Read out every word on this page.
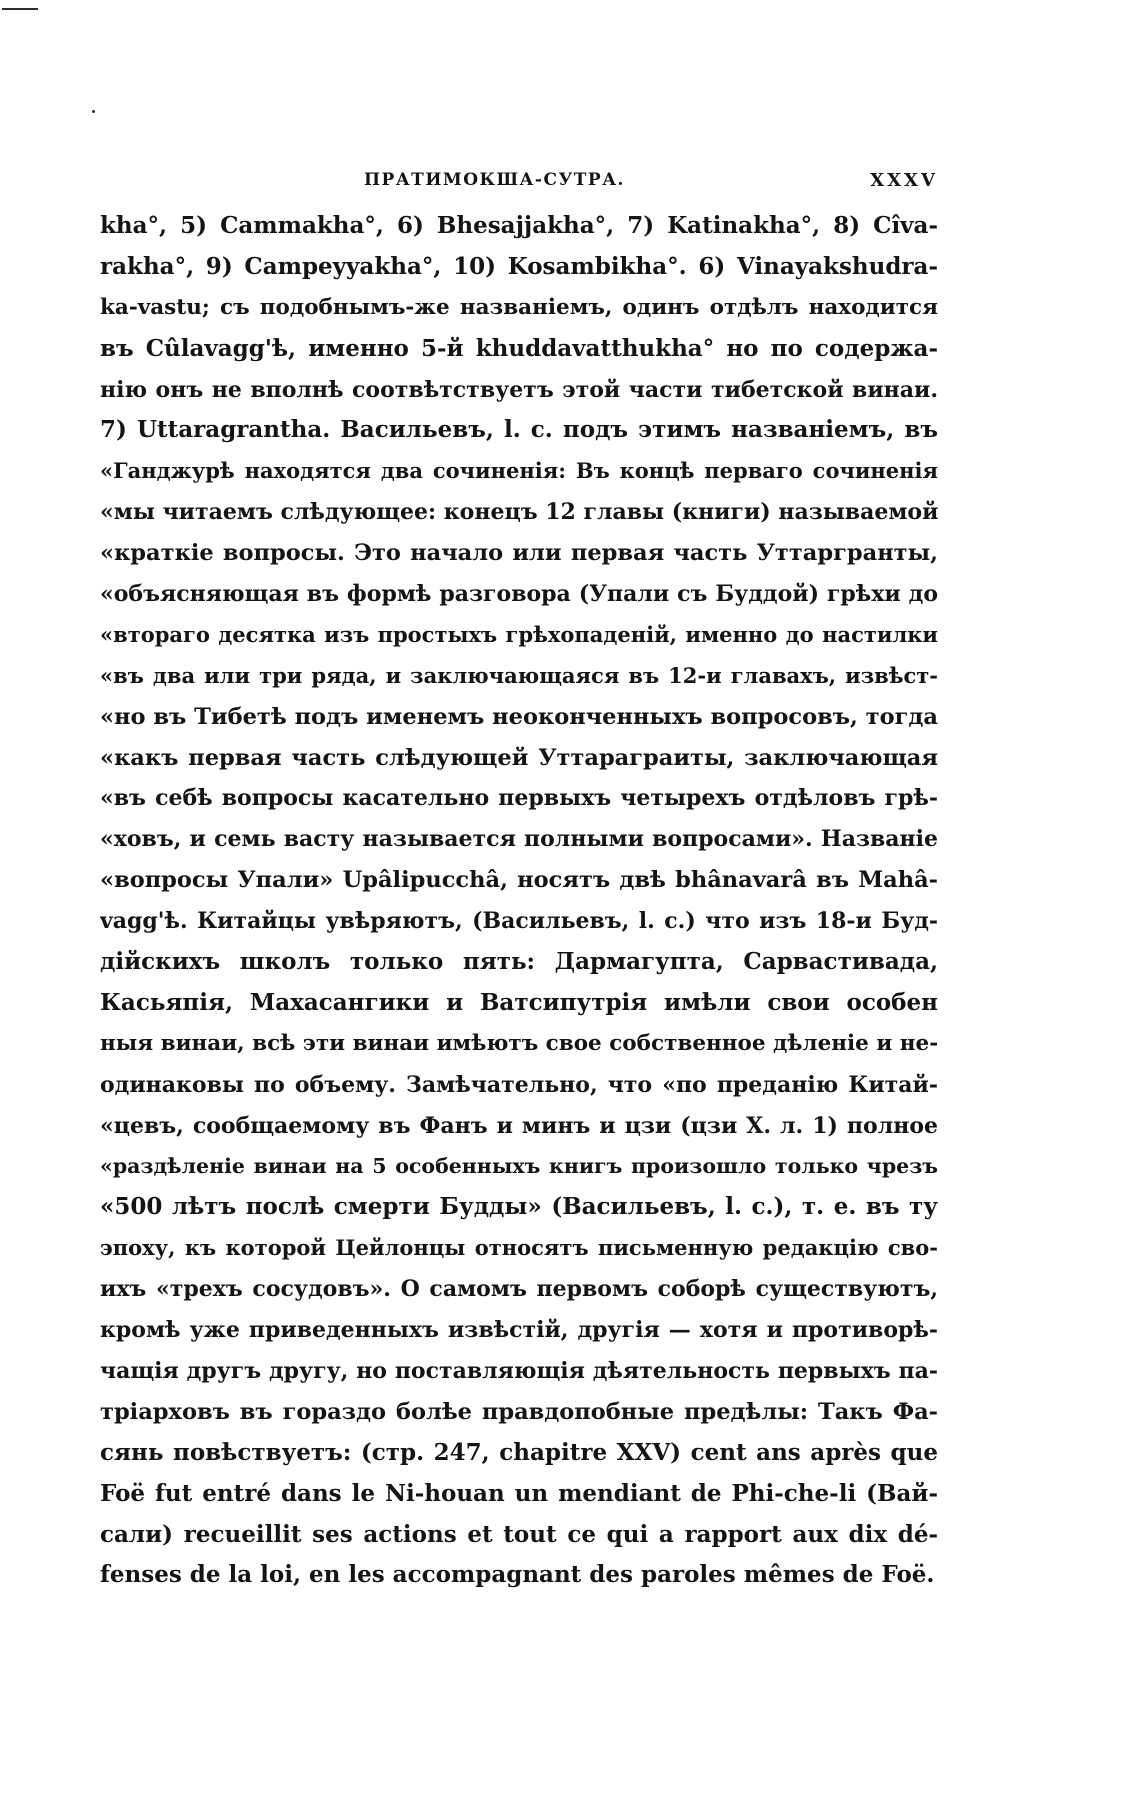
ПРАТИМОКША-СУТРА.	XXXV
kha°, 5) Cammakha°, 6) Bhesajjakha°, 7) Katinakha°, 8) Cîva-
rakha°, 9) Campeyyakha°, 10) Kosambikha°. 6) Vinayakshudra-
ka-vastu; съ подобнымъ-же названіемъ, одинъ отдѣлъ находится
въ Cûlavagg'ѣ, именно 5-й khuddavatthukha° но по содержа-
нію онъ не вполнѣ соотвѣтствуетъ этой части тибетской винаи.
7) Uttaragrantha. Васильевъ, l. c. подъ этимъ названіемъ, въ
«Ганджурѣ находятся два сочиненія: Въ концѣ перваго сочиненія
«мы читаемъ слѣдующее: конецъ 12 главы (книги) называемой
«краткіе вопросы. Это начало или первая часть Уттаргранты,
«объясняющая въ формѣ разговора (Упали съ Буддой) грѣхи до
«втораго десятка изъ простыхъ грѣхопаденій, именно до настилки
«въ два или три ряда, и заключающаяся въ 12-и главахъ, извѣст-
«но въ Тибетѣ подъ именемъ неоконченныхъ вопросовъ, тогда
«какъ первая часть слѣдующей Уттараграиты, заключающая
«въ себѣ вопросы касательно первыхъ четырехъ отдѣловъ грѣ-
«ховъ, и семь васту называется полными вопросами». Названіе
«вопросы Упали» Upâlipucchâ, носятъ двѣ bhânavarâ въ Mahâ-
vagg'ѣ. Китайцы увѣряютъ, (Васильевъ, l. c.) что изъ 18-и Буд-
дійскихъ школъ только пять: Дармагупта, Сарвастивада,
Касьяпія, Махасангики и Ватсипутрія имѣли свои особен
ныя винаи, всѣ эти винаи имѣютъ свое собственное дѣленіе и не-
одинаковы по объему. Замѣчательно, что «по преданію Китай-
«цевъ, сообщаемому въ Фанъ и минъ и цзи (цзи X. л. 1) полное
«раздѣленіе винаи на 5 особенныхъ книгъ произошло только чрезъ
«500 лѣтъ послѣ смерти Будды» (Васильевъ, l. c.), т. е. въ ту
эпоху, къ которой Цейлонцы относятъ письменную редакцію сво-
ихъ «трехъ сосудовъ». О самомъ первомъ соборѣ существуютъ,
кромѣ уже приведенныхъ извѣстій, другія — хотя и противорѣ-
чащія другъ другу, но поставляющія дѣятельность первыхъ па-
тріарховъ въ гораздо болѣе правдопобные предѣлы: Такъ Фа-
сянь повѣствуетъ: (стр. 247, chapitre XXV) cent ans après que
Foë fut entré dans le Ni-houan un mendiant de Phi-che-li (Вай-
сали) recueillit ses actions et tout ce qui a rapport aux dix dé-
fenses de la loi, en les accompagnant des paroles mêmes de Foë.
